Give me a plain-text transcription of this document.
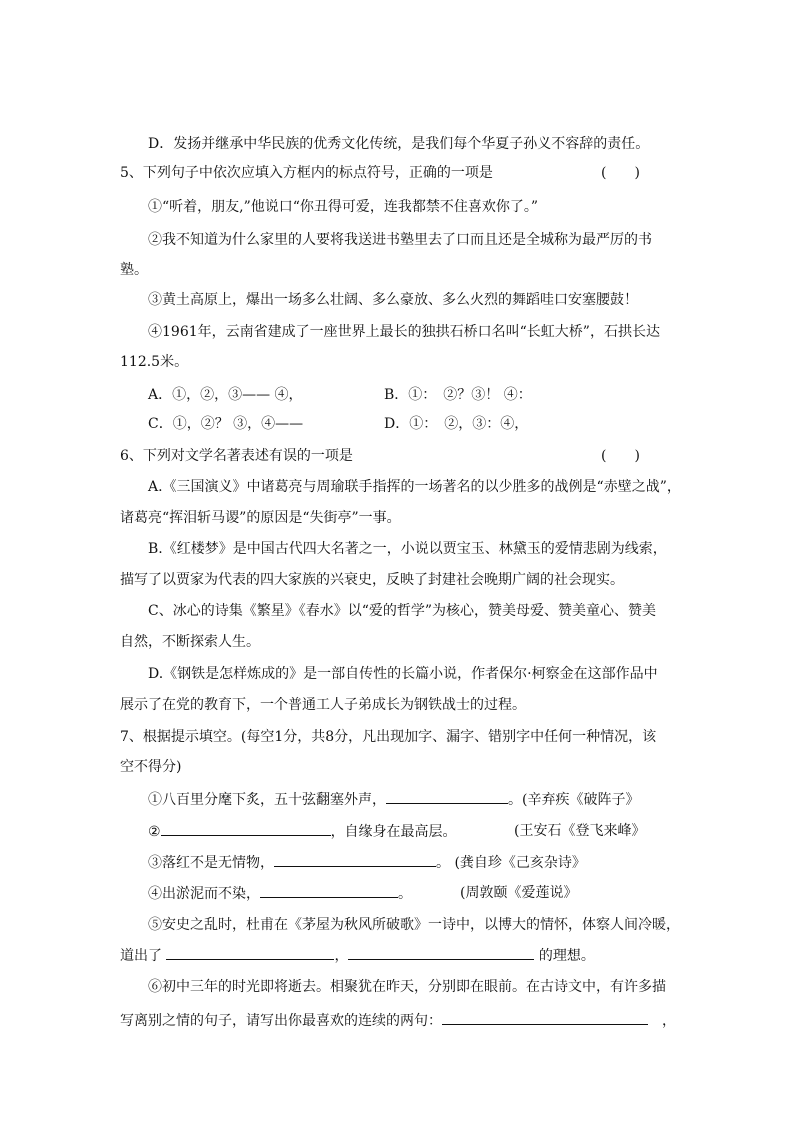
D．发扬并继承中华民族的优秀文化传统，是我们每个华夏子孙义不容辞的责任。
5、下列句子中依次应填入方框内的标点符号，正确的一项是	(　　)
①“听着，朋友,”他说口“你丑得可爱，连我都禁不住喜欢你了。”
②我不知道为什么家里的人要将我送进书塾里去了口而且还是全城称为最严厉的书
塾。
③黄土高原上，爆出一场多么壮阔、多么豪放、多么火烈的舞蹈哇口安塞腰鼓！
④1961年，云南省建成了一座世界上最长的独拱石桥口名叫“长虹大桥”，石拱长达
112.5米。
A．①，②，③—— ④，	B．①：　②？③！ ④：
C．①，②？ ③，④——	D．①：　②，③：④，
6、下列对文学名著表述有误的一项是	(　　)
A.《三国演义》中诸葛亮与周瑜联手指挥的一场著名的以少胜多的战例是“赤壁之战”，
诸葛亮“挥泪斩马谡”的原因是“失街亭”一事。
B.《红楼梦》是中国古代四大名著之一，小说以贾宝玉、林黛玉的爱情悲剧为线索，
描写了以贾家为代表的四大家族的兴衰史，反映了封建社会晚期广阔的社会现实。
C、冰心的诗集《繁星》《春水》以“爱的哲学”为核心，赞美母爱、赞美童心、赞美
自然，不断探索人生。
D.《钢铁是怎样炼成的》是一部自传性的长篇小说，作者保尔·柯察金在这部作品中
展示了在党的教育下，一个普通工人子弟成长为钢铁战士的过程。
7、根据提示填空。(每空1分，共8分，凡出现加字、漏字、错别字中任何一种情况，该
空不得分)
①八百里分麾下炙，五十弦翻塞外声，	。(辛弃疾《破阵子》
②	，自缘身在最高层。	(王安石《登飞来峰》
③落红不是无情物，	。 (龚自珍《己亥杂诗》
④出淤泥而不染，	。	(周敦颐《爱莲说》
⑤安史之乱时，杜甫在《茅屋为秋风所破歌》一诗中，以博大的情怀，体察人间冷暖，
道出了	，	的理想。
⑥初中三年的时光即将逝去。相聚犹在昨天，分别即在眼前。在古诗文中，有许多描
写离别之情的句子，请写出你最喜欢的连续的两句：	，
